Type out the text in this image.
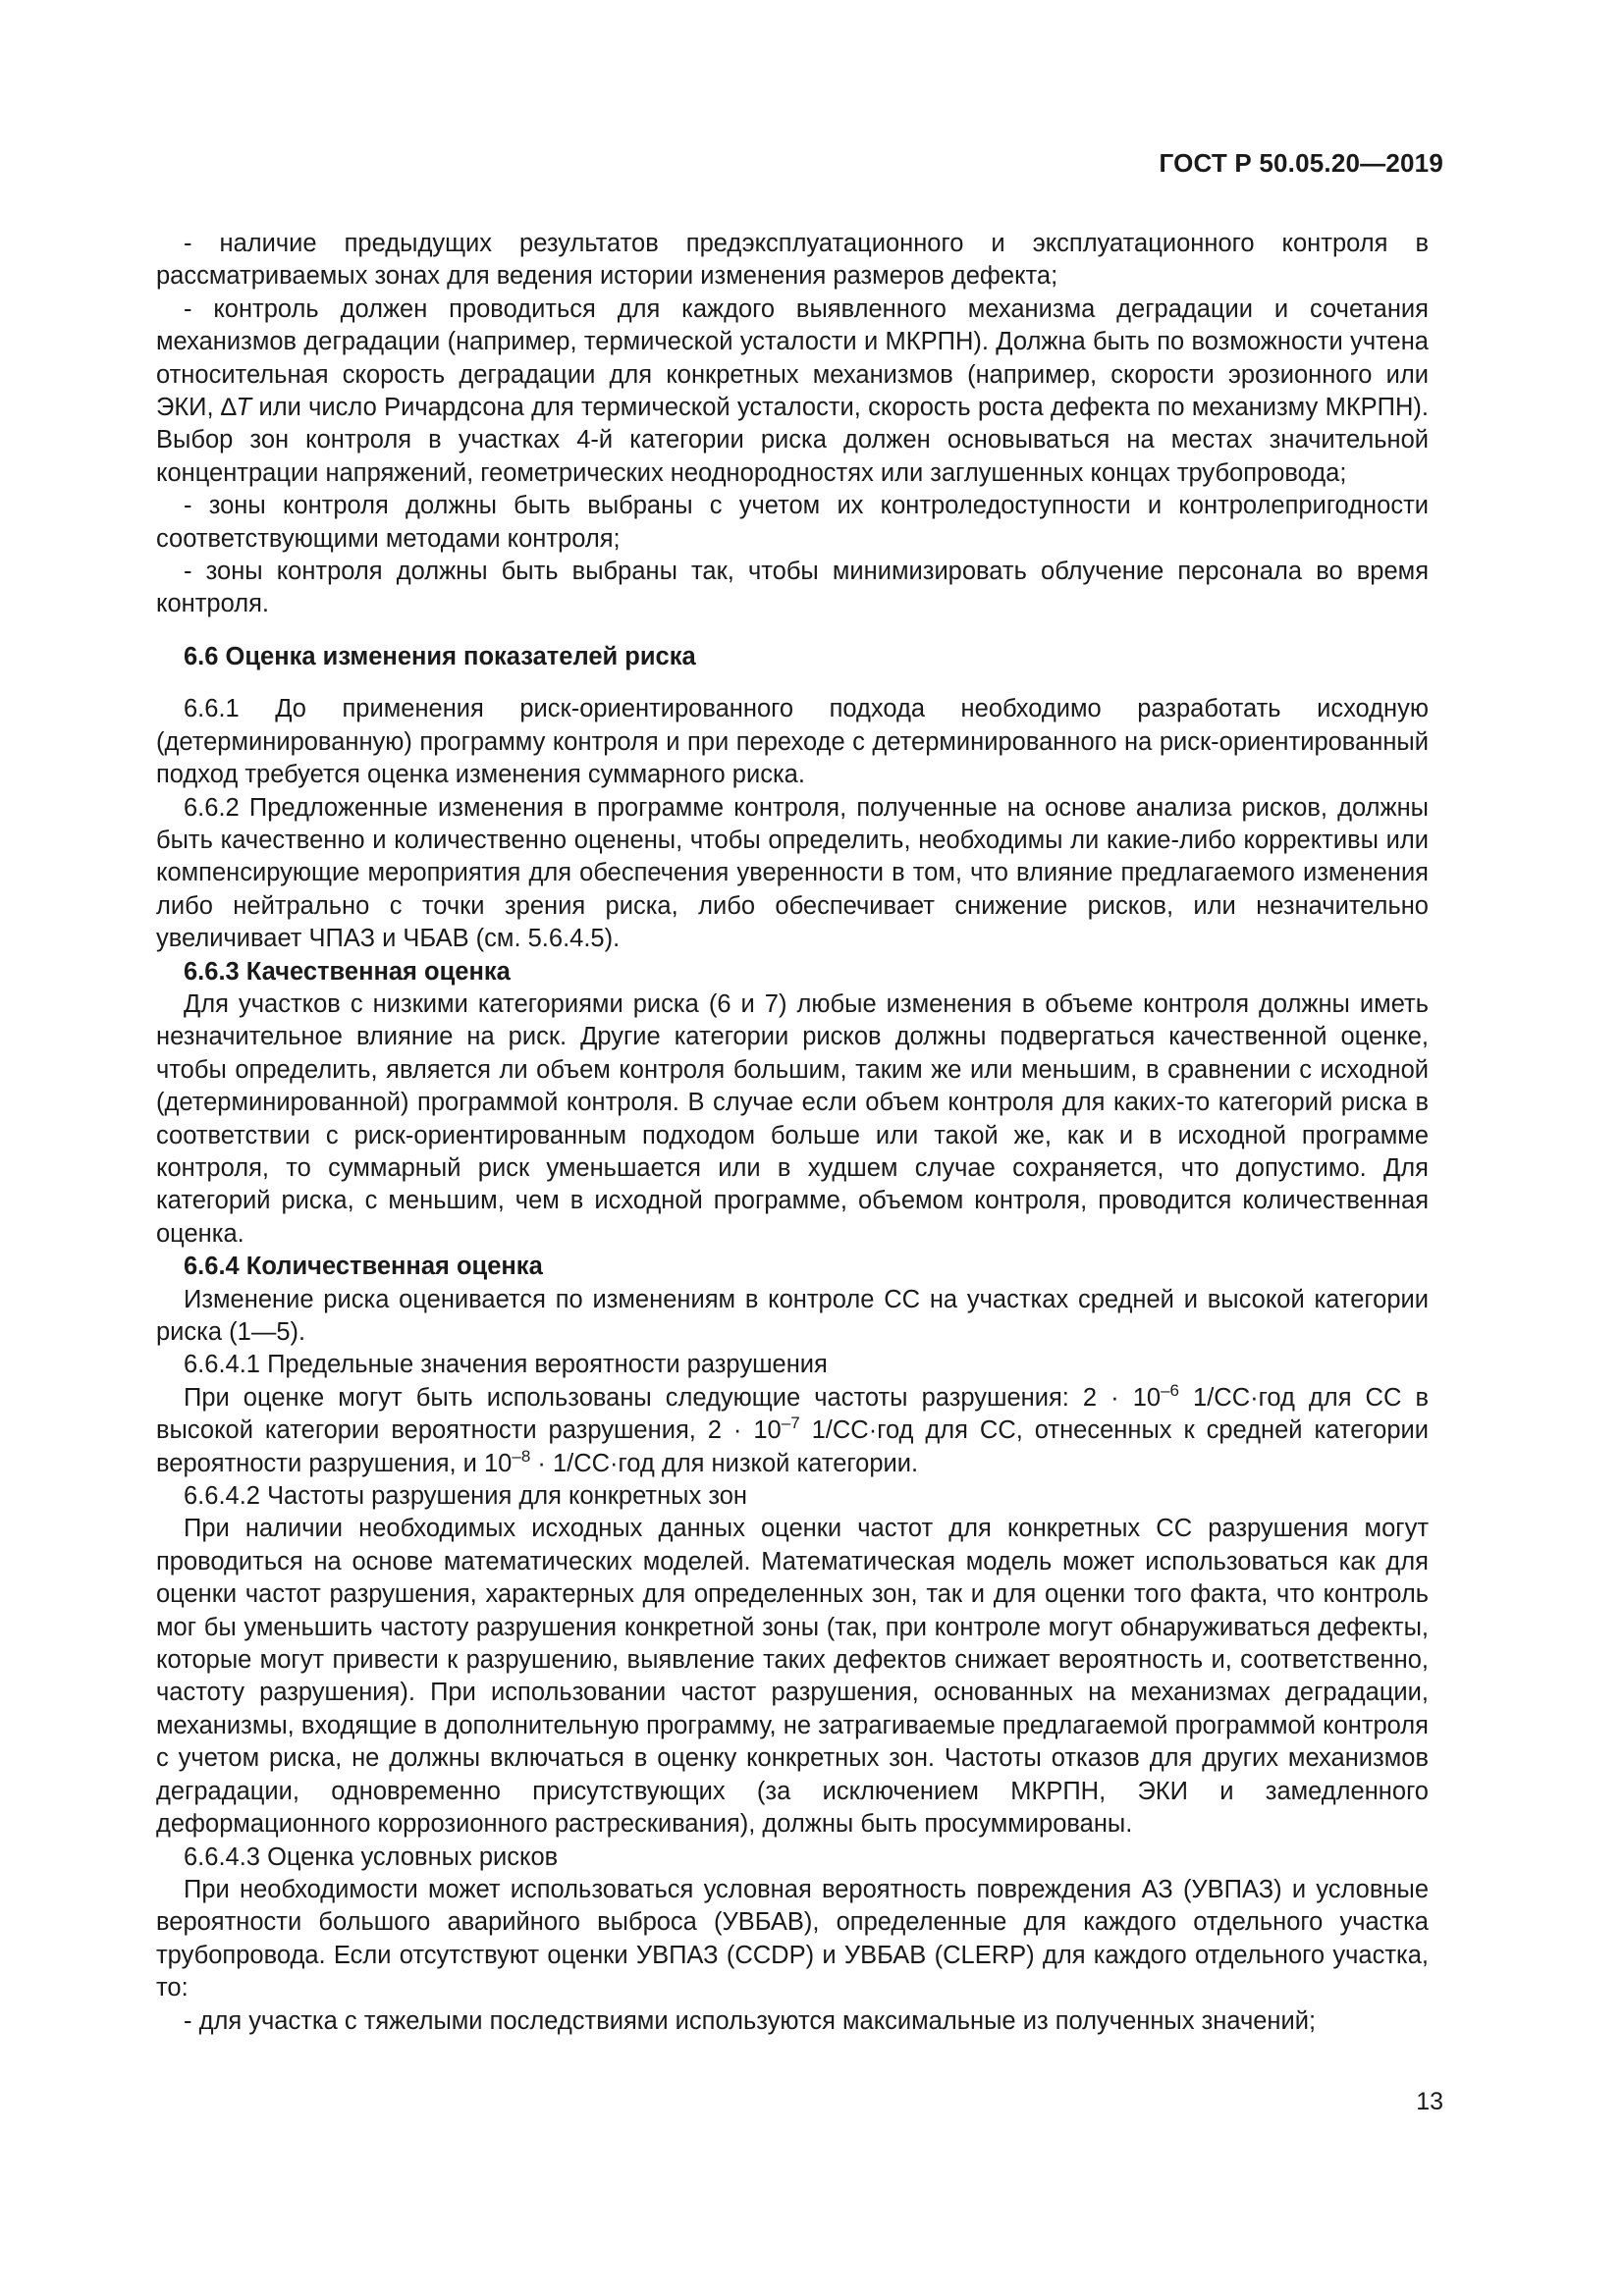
ГОСТ Р 50.05.20—2019

- наличие предыдущих результатов предэксплуатационного и эксплуатационного контроля в рассматриваемых зонах для ведения истории изменения размеров дефекта;

- контроль должен проводиться для каждого выявленного механизма деградации и сочетания механизмов деградации (например, термической усталости и МКРПН). Должна быть по возможности учтена относительная скорость деградации для конкретных механизмов (например, скорости эрозионного или ЭКИ, ∆T или число Ричардсона для термической усталости, скорость роста дефекта по механизму МКРПН). Выбор зон контроля в участках 4-й категории риска должен основываться на местах значительной концентрации напряжений, геометрических неоднородностях или заглушенных концах трубопровода;

- зоны контроля должны быть выбраны с учетом их контроледоступности и контролепригодности соответствующими методами контроля;

- зоны контроля должны быть выбраны так, чтобы минимизировать облучение персонала во время контроля.

6.6 Оценка изменения показателей риска

6.6.1 До применения риск-ориентированного подхода необходимо разработать исходную (детерминированную) программу контроля и при переходе с детерминированного на риск-ориентированный подход требуется оценка изменения суммарного риска.

6.6.2 Предложенные изменения в программе контроля, полученные на основе анализа рисков, должны быть качественно и количественно оценены, чтобы определить, необходимы ли какие-либо коррективы или компенсирующие мероприятия для обеспечения уверенности в том, что влияние предлагаемого изменения либо нейтрально с точки зрения риска, либо обеспечивает снижение рисков, или незначительно увеличивает ЧПАЗ и ЧБАВ (см. 5.6.4.5).

6.6.3 Качественная оценка

Для участков с низкими категориями риска (6 и 7) любые изменения в объеме контроля должны иметь незначительное влияние на риск. Другие категории рисков должны подвергаться качественной оценке, чтобы определить, является ли объем контроля большим, таким же или меньшим, в сравнении с исходной (детерминированной) программой контроля. В случае если объем контроля для каких-то категорий риска в соответствии с риск-ориентированным подходом больше или такой же, как и в исходной программе контроля, то суммарный риск уменьшается или в худшем случае сохраняется, что допустимо. Для категорий риска, с меньшим, чем в исходной программе, объемом контроля, проводится количественная оценка.

6.6.4 Количественная оценка

Изменение риска оценивается по изменениям в контроле СС на участках средней и высокой категории риска (1—5).

6.6.4.1 Предельные значения вероятности разрушения

При оценке могут быть использованы следующие частоты разрушения: $2 \cdot 10^{-6}$ 1/СС·год для СС в высокой категории вероятности разрушения, $2 \cdot 10^{-7}$ 1/СС·год для СС, отнесенных к средней категории вероятности разрушения, и $10^{-8} \cdot 1/СС\cdot год$ для низкой категории.

6.6.4.2 Частоты разрушения для конкретных зон

При наличии необходимых исходных данных оценки частот для конкретных СС разрушения могут проводиться на основе математических моделей. Математическая модель может использоваться как для оценки частот разрушения, характерных для определенных зон, так и для оценки того факта, что контроль мог бы уменьшить частоту разрушения конкретной зоны (так, при контроле могут обнаруживаться дефекты, которые могут привести к разрушению, выявление таких дефектов снижает вероятность и, соответственно, частоту разрушения). При использовании частот разрушения, основанных на механизмах деградации, механизмы, входящие в дополнительную программу, не затрагиваемые предлагаемой программой контроля с учетом риска, не должны включаться в оценку конкретных зон. Частоты отказов для других механизмов деградации, одновременно присутствующих (за исключением МКРПН, ЭКИ и замедленного деформационного коррозионного растрескивания), должны быть просуммированы.

6.6.4.3 Оценка условных рисков

При необходимости может использоваться условная вероятность повреждения АЗ (УВПАЗ) и условные вероятности большого аварийного выброса (УВБАВ), определенные для каждого отдельного участка трубопровода. Если отсутствуют оценки УВПАЗ (CCDP) и УВБАВ (CLERP) для каждого отдельного участка, то:

- для участка с тяжелыми последствиями используются максимальные из полученных значений;

13
